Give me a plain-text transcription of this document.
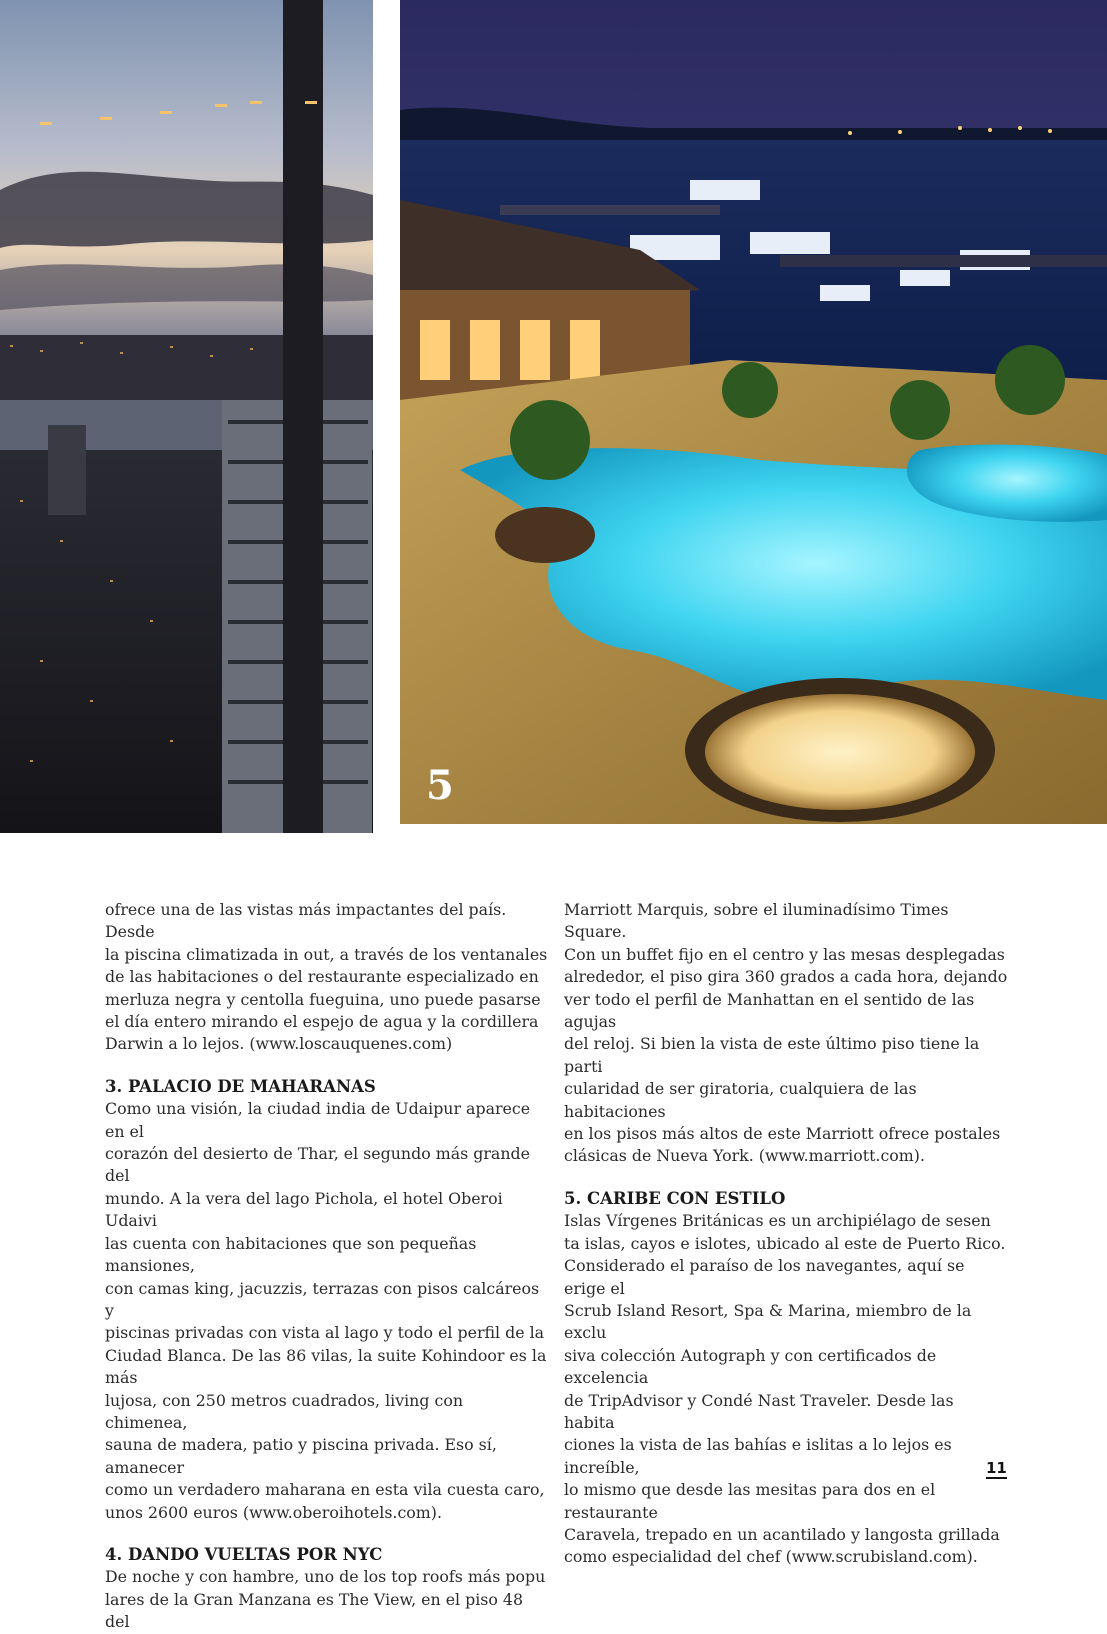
5

ofrece una de las vistas más impactantes del país. Desde
la piscina climatizada in out, a través de los ventanales
de las habitaciones o del restaurante especializado en
merluza negra y centolla fueguina, uno puede pasarse
el día entero mirando el espejo de agua y la cordillera
Darwin a lo lejos. (www.loscauquenes.com)

3. PALACIO DE MAHARANAS

Como una visión, la ciudad india de Udaipur aparece en el
corazón del desierto de Thar, el segundo más grande del
mundo. A la vera del lago Pichola, el hotel Oberoi Udaivi
las cuenta con habitaciones que son pequeñas mansiones,
con camas king, jacuzzis, terrazas con pisos calcáreos y
piscinas privadas con vista al lago y todo el perfil de la
Ciudad Blanca. De las 86 vilas, la suite Kohindoor es la más
lujosa, con 250 metros cuadrados, living con chimenea,
sauna de madera, patio y piscina privada. Eso sí, amanecer
como un verdadero maharana en esta vila cuesta caro,
unos 2600 euros (www.oberoihotels.com).

4. DANDO VUELTAS POR NYC

De noche y con hambre, uno de los top roofs más popu
lares de la Gran Manzana es The View, en el piso 48 del

Marriott Marquis, sobre el iluminadísimo Times Square.
Con un buffet fijo en el centro y las mesas desplegadas
alrededor, el piso gira 360 grados a cada hora, dejando
ver todo el perfil de Manhattan en el sentido de las agujas
del reloj. Si bien la vista de este último piso tiene la parti
cularidad de ser giratoria, cualquiera de las habitaciones
en los pisos más altos de este Marriott ofrece postales
clásicas de Nueva York. (www.marriott.com).

5. CARIBE CON ESTILO

Islas Vírgenes Británicas es un archipiélago de sesen
ta islas, cayos e islotes, ubicado al este de Puerto Rico.
Considerado el paraíso de los navegantes, aquí se erige el
Scrub Island Resort, Spa & Marina, miembro de la exclu
siva colección Autograph y con certificados de excelencia
de TripAdvisor y Condé Nast Traveler. Desde las habita
ciones la vista de las bahías e islitas a lo lejos es increíble,
lo mismo que desde las mesitas para dos en el restaurante
Caravela, trepado en un acantilado y langosta grillada
como especialidad del chef (www.scrubisland.com).

11
